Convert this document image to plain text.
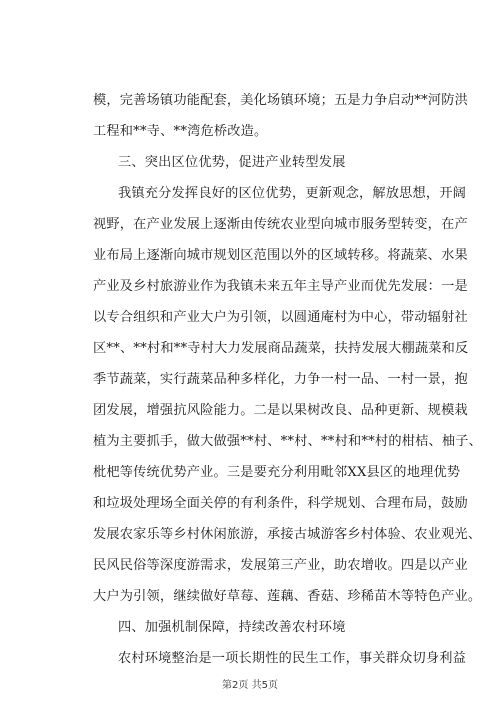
模，完善场镇功能配套，美化场镇环境；五是力争启动**河防洪
工程和**寺、**湾危桥改造。
三、突出区位优势，促进产业转型发展
我镇充分发挥良好的区位优势，更新观念，解放思想，开阔
视野，在产业发展上逐渐由传统农业型向城市服务型转变，在产
业布局上逐渐向城市规划区范围以外的区域转移。将蔬菜、水果
产业及乡村旅游业作为我镇未来五年主导产业而优先发展：一是
以专合组织和产业大户为引领，以圆通庵村为中心，带动辐射社
区**、**村和**寺村大力发展商品蔬菜，扶持发展大棚蔬菜和反
季节蔬菜，实行蔬菜品种多样化，力争一村一品、一村一景，抱
团发展，增强抗风险能力。二是以果树改良、品种更新、规模栽
植为主要抓手，做大做强**村、**村、**村和**村的柑桔、柚子、
枇杷等传统优势产业。三是要充分利用毗邻XX县区的地理优势
和垃圾处理场全面关停的有利条件，科学规划、合理布局，鼓励
发展农家乐等乡村休闲旅游，承接古城游客乡村体验、农业观光、
民风民俗等深度游需求，发展第三产业，助农增收。四是以产业
大户为引领，继续做好草莓、莲藕、香菇、珍稀苗木等特色产业。
四、加强机制保障，持续改善农村环境
农村环境整治是一项长期性的民生工作，事关群众切身利益
第2页 共5页
